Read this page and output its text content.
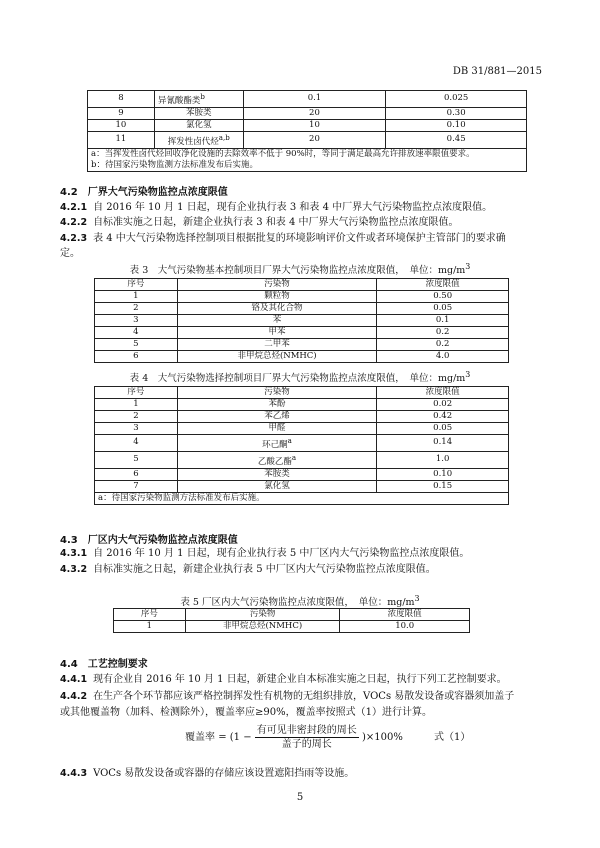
DB 31/881—2015
8	异氰酸酯类$^b$	0.1	0.025
9	苯胺类	20	0.30
10	氯化氢	10	0.10
11	挥发性卤代烃$^{a,b}$	20	0.45

a：当挥发性卤代烃回收净化设施的去除效率不低于 90%时，等同于满足最高允许排放速率限值要求。
b：待国家污染物监测方法标准发布后实施。			
4.2　厂界大气污染物监控点浓度限值
4.2.1 自 2016 年 10 月 1 日起，现有企业执行表 3 和表 4 中厂界大气污染物监控点浓度限值。
4.2.2 自标准实施之日起，新建企业执行表 3 和表 4 中厂界大气污染物监控点浓度限值。
4.2.3 表 4 中大气污染物选择控制项目根据批复的环境影响评价文件或者环境保护主管部门的要求确
定。
表 3　大气污染物基本控制项目厂界大气污染物监控点浓度限值，　单位：$mg/m^3$
序号	污染物	浓度限值
1	颗粒物	0.50
2	铬及其化合物	0.05
3	苯	0.1
4	甲苯	0.2
5	二甲苯	0.2
6	非甲烷总烃(NMHC)	4.0
表 4　大气污染物选择控制项目厂界大气污染物监控点浓度限值，　单位：$mg/m^3$
序号	污染物	浓度限值
1	苯酚	0.02
2	苯乙烯	0.42
3	甲醛	0.05
4	环己酮$^a$	0.14
5	乙酸乙酯$^a$	1.0
6	苯胺类	0.10
7	氯化氢	0.15
a：待国家污染物监测方法标准发布后实施。		
4.3　厂区内大气污染物监控点浓度限值
4.3.1 自 2016 年 10 月 1 日起，现有企业执行表 5 中厂区内大气污染物监控点浓度限值。
4.3.2 自标准实施之日起，新建企业执行表 5 中厂区内大气污染物监控点浓度限值。
表 5 厂区内大气污染物监控点浓度限值，　单位：$mg/m^3$
序号	污染物	浓度限值
1	非甲烷总烃(NMHC)	10.0
4.4　工艺控制要求
4.4.1 现有企业自 2016 年 10 月 1 日起，新建企业自本标准实施之日起，执行下列工艺控制要求。
4.4.2 在生产各个环节都应该严格控制挥发性有机物的无组织排放，VOCs 易散发设备或容器须加盖子
或其他覆盖物（加料、检测除外），覆盖率应≥90%，覆盖率按照式（1）进行计算。
覆盖率 = $(1 - \frac{\text{有可见非密封段的周长}}{\text{盖子的周长}} )\times 100\%$	式（1）
4.4.3 VOCs 易散发设备或容器的存储应该设置遮阳挡雨等设施。
5
